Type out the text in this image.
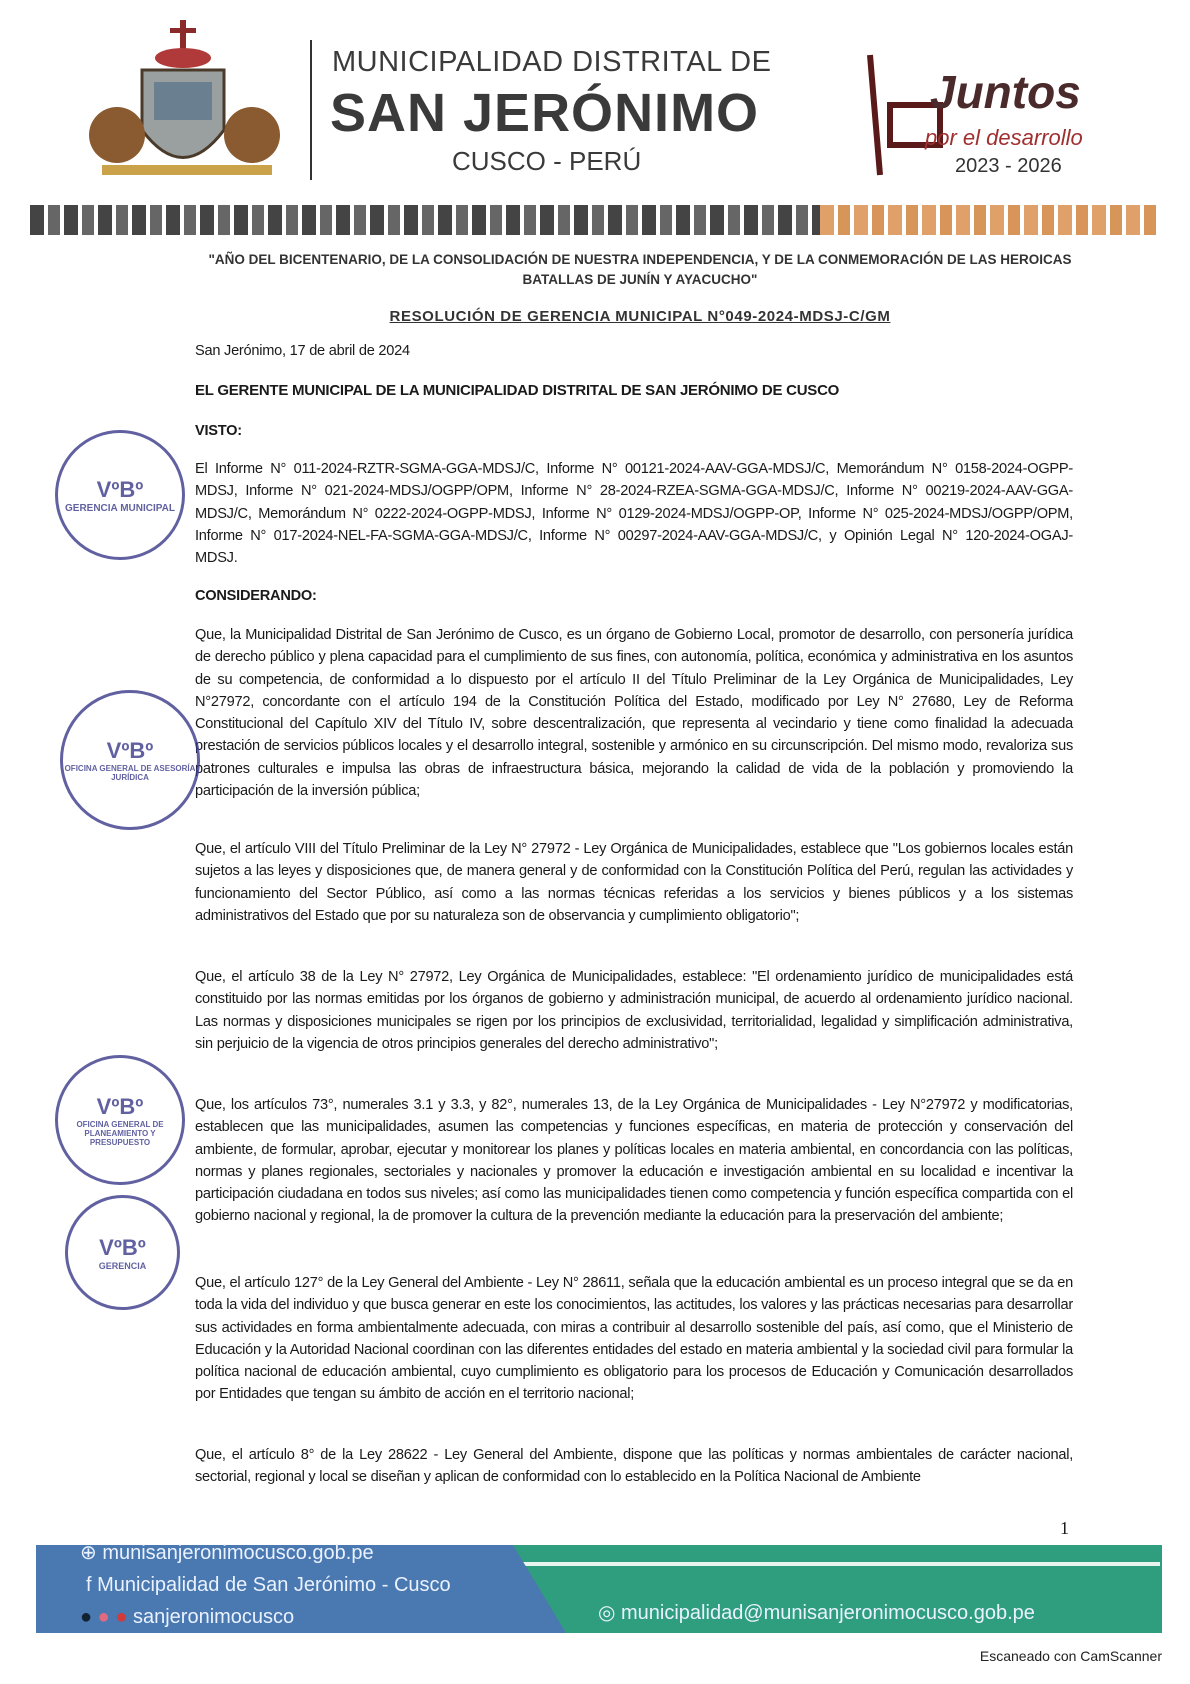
MUNICIPALIDAD DISTRITAL DE
SAN JERÓNIMO
CUSCO - PERÚ
Juntos
por el desarrollo
2023 - 2026
"AÑO DEL BICENTENARIO, DE LA CONSOLIDACIÓN DE NUESTRA INDEPENDENCIA, Y DE LA CONMEMORACIÓN DE LAS HEROICAS BATALLAS DE JUNÍN Y AYACUCHO"
RESOLUCIÓN DE GERENCIA MUNICIPAL N°049-2024-MDSJ-C/GM
San Jerónimo, 17 de abril de 2024
EL GERENTE MUNICIPAL DE LA MUNICIPALIDAD DISTRITAL DE SAN JERÓNIMO DE CUSCO
VISTO:
El Informe N° 011-2024-RZTR-SGMA-GGA-MDSJ/C, Informe N° 00121-2024-AAV-GGA-MDSJ/C, Memorándum N° 0158-2024-OGPP-MDSJ, Informe N° 021-2024-MDSJ/OGPP/OPM, Informe N° 28-2024-RZEA-SGMA-GGA-MDSJ/C, Informe N° 00219-2024-AAV-GGA-MDSJ/C, Memorándum N° 0222-2024-OGPP-MDSJ, Informe N° 0129-2024-MDSJ/OGPP-OP, Informe N° 025-2024-MDSJ/OGPP/OPM, Informe N° 017-2024-NEL-FA-SGMA-GGA-MDSJ/C, Informe N° 00297-2024-AAV-GGA-MDSJ/C, y Opinión Legal N° 120-2024-OGAJ-MDSJ.
CONSIDERANDO:
Que, la Municipalidad Distrital de San Jerónimo de Cusco, es un órgano de Gobierno Local, promotor de desarrollo, con personería jurídica de derecho público y plena capacidad para el cumplimiento de sus fines, con autonomía, política, económica y administrativa en los asuntos de su competencia, de conformidad a lo dispuesto por el artículo II del Título Preliminar de la Ley Orgánica de Municipalidades, Ley N°27972, concordante con el artículo 194 de la Constitución Política del Estado, modificado por Ley N° 27680, Ley de Reforma Constitucional del Capítulo XIV del Título IV, sobre descentralización, que representa al vecindario y tiene como finalidad la adecuada prestación de servicios públicos locales y el desarrollo integral, sostenible y armónico en su circunscripción. Del mismo modo, revaloriza sus patrones culturales e impulsa las obras de infraestructura básica, mejorando la calidad de vida de la población y promoviendo la participación de la inversión pública;
Que, el artículo VIII del Título Preliminar de la Ley N° 27972 - Ley Orgánica de Municipalidades, establece que "Los gobiernos locales están sujetos a las leyes y disposiciones que, de manera general y de conformidad con la Constitución Política del Perú, regulan las actividades y funcionamiento del Sector Público, así como a las normas técnicas referidas a los servicios y bienes públicos y a los sistemas administrativos del Estado que por su naturaleza son de observancia y cumplimiento obligatorio";
Que, el artículo 38 de la Ley N° 27972, Ley Orgánica de Municipalidades, establece: "El ordenamiento jurídico de municipalidades está constituido por las normas emitidas por los órganos de gobierno y administración municipal, de acuerdo al ordenamiento jurídico nacional. Las normas y disposiciones municipales se rigen por los principios de exclusividad, territorialidad, legalidad y simplificación administrativa, sin perjuicio de la vigencia de otros principios generales del derecho administrativo";
Que, los artículos 73°, numerales 3.1 y 3.3, y 82°, numerales 13, de la Ley Orgánica de Municipalidades - Ley N°27972 y modificatorias, establecen que las municipalidades, asumen las competencias y funciones específicas, en materia de protección y conservación del ambiente, de formular, aprobar, ejecutar y monitorear los planes y políticas locales en materia ambiental, en concordancia con las políticas, normas y planes regionales, sectoriales y nacionales y promover la educación e investigación ambiental en su localidad e incentivar la participación ciudadana en todos sus niveles; así como las municipalidades tienen como competencia y función específica compartida con el gobierno nacional y regional, la de promover la cultura de la prevención mediante la educación para la preservación del ambiente;
Que, el artículo 127° de la Ley General del Ambiente - Ley N° 28611, señala que la educación ambiental es un proceso integral que se da en toda la vida del individuo y que busca generar en este los conocimientos, las actitudes, los valores y las prácticas necesarias para desarrollar sus actividades en forma ambientalmente adecuada, con miras a contribuir al desarrollo sostenible del país, así como, que el Ministerio de Educación y la Autoridad Nacional coordinan con las diferentes entidades del estado en materia ambiental y la sociedad civil para formular la política nacional de educación ambiental, cuyo cumplimiento es obligatorio para los procesos de Educación y Comunicación desarrollados por Entidades que tengan su ámbito de acción en el territorio nacional;
Que, el artículo 8° de la Ley 28622 - Ley General del Ambiente, dispone que las políticas y normas ambientales de carácter nacional, sectorial, regional y local se diseñan y aplican de conformidad con lo establecido en la Política Nacional de Ambiente
VºBº
GERENCIA MUNICIPAL
VºBº
OFICINA GENERAL DE ASESORÍA JURÍDICA
VºBº
OFICINA GENERAL DE PLANEAMIENTO Y PRESUPUESTO
VºBº
GERENCIA
1
⊕ munisanjeronimocusco.gob.pe
f Municipalidad de San Jerónimo - Cusco
● ● ● sanjeronimocusco	◎ municipalidad@munisanjeronimocusco.gob.pe
Escaneado con CamScanner
